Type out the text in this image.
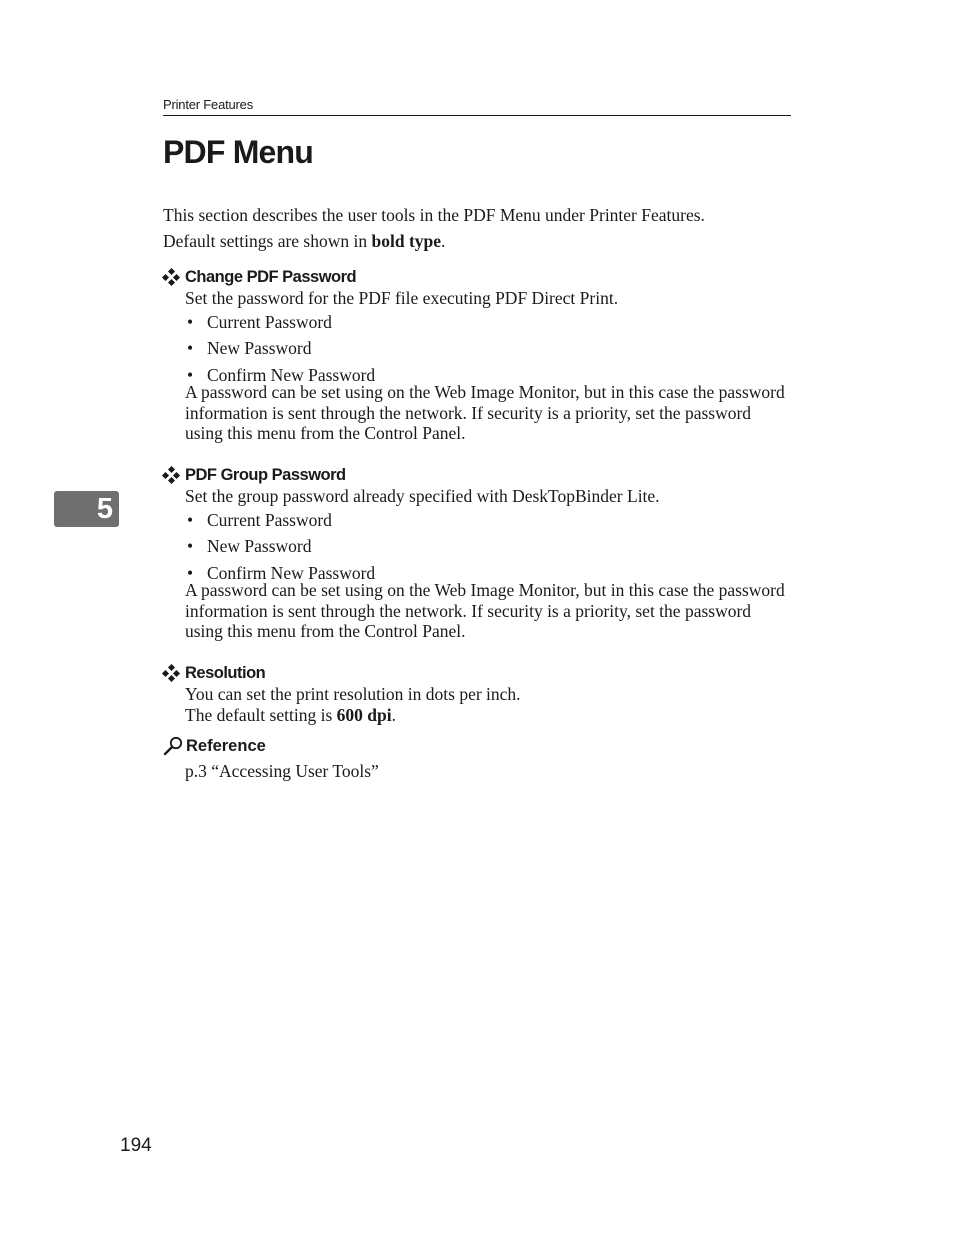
Printer Features
PDF Menu

This section describes the user tools in the PDF Menu under Printer Features.

Default settings are shown in bold type.

Change PDF Password

Set the password for the PDF file executing PDF Direct Print.

• Current Password
• New Password
• Confirm New Password

A password can be set using on the Web Image Monitor, but in this case the password information is sent through the network. If security is a priority, set the password using this menu from the Control Panel.

PDF Group Password

Set the group password already specified with DeskTopBinder Lite.

• Current Password
• New Password
• Confirm New Password

A password can be set using on the Web Image Monitor, but in this case the password information is sent through the network. If security is a priority, set the password using this menu from the Control Panel.

Resolution

You can set the print resolution in dots per inch.

The default setting is 600 dpi.

Reference
p.3 “Accessing User Tools”
5
194
